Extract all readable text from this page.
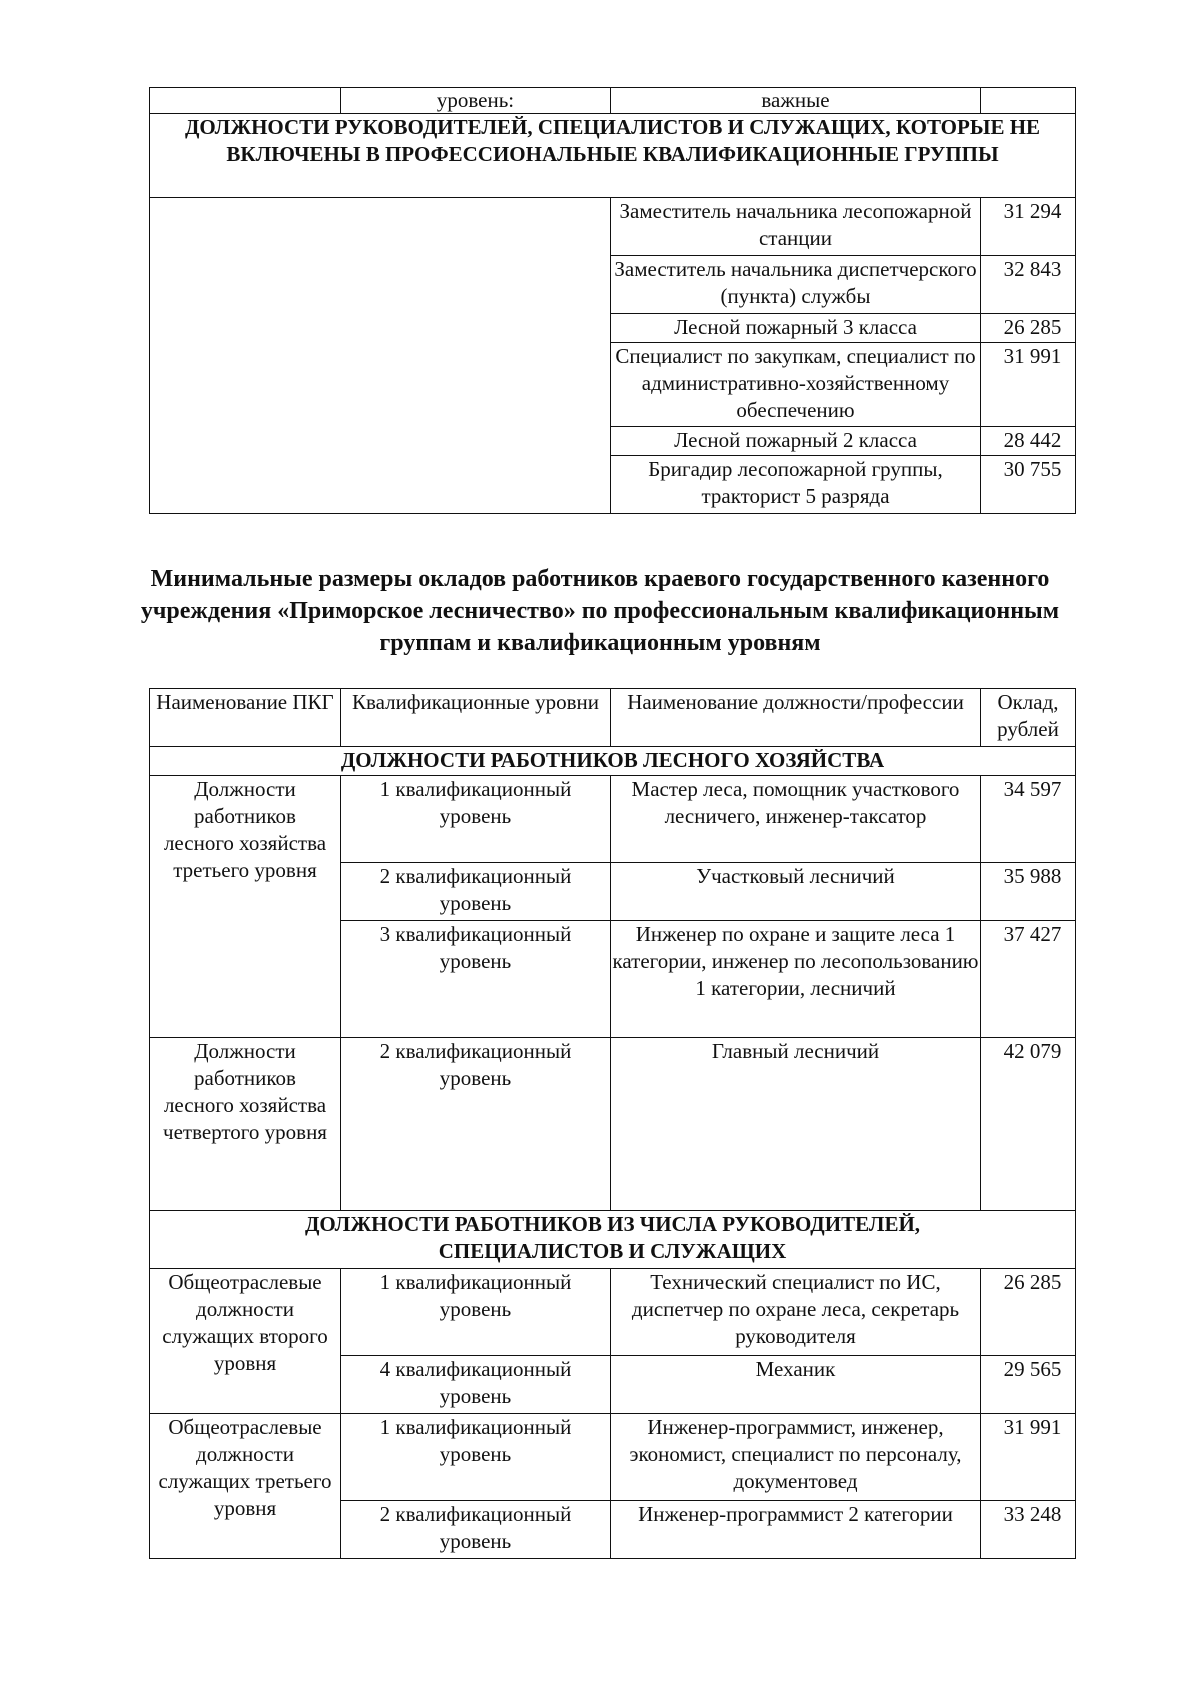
	уровень:	важные	
ДОЛЖНОСТИ РУКОВОДИТЕЛЕЙ, СПЕЦИАЛИСТОВ И СЛУЖАЩИХ, КОТОРЫЕ НЕ ВКЛЮЧЕНЫ В ПРОФЕССИОНАЛЬНЫЕ КВАЛИФИКАЦИОННЫЕ ГРУППЫ			
		Заместитель начальника лесопожарной станции	31 294
		Заместитель начальника диспетчерского (пункта) службы	32 843
		Лесной пожарный 3 класса	26 285
		Специалист по закупкам, специалист по административно-хозяйственному обеспечению	31 991
		Лесной пожарный 2 класса	28 442
		Бригадир лесопожарной группы, тракторист 5 разряда	30 755
Минимальные размеры окладов работников краевого государственного казенного учреждения «Приморское лесничество» по профессиональным квалификационным группам и квалификационным уровням
Наименование ПКГ	Квалификационные уровни	Наименование должности/профессии	Оклад, рублей
ДОЛЖНОСТИ РАБОТНИКОВ ЛЕСНОГО ХОЗЯЙСТВА			
Должности работников лесного хозяйства третьего уровня	1 квалификационный уровень	Мастер леса, помощник участкового лесничего, инженер-таксатор	34 597
	2 квалификационный уровень	Участковый лесничий	35 988
	3 квалификационный уровень	Инженер по охране и защите леса 1 категории, инженер по лесопользованию 1 категории, лесничий	37 427
Должности работников лесного хозяйства четвертого уровня	2 квалификационный уровень	Главный лесничий	42 079
ДОЛЖНОСТИ РАБОТНИКОВ ИЗ ЧИСЛА РУКОВОДИТЕЛЕЙ, СПЕЦИАЛИСТОВ И СЛУЖАЩИХ			
Общеотраслевые должности служащих второго уровня	1 квалификационный уровень	Технический специалист по ИС, диспетчер по охране леса, секретарь руководителя	26 285
	4 квалификационный уровень	Механик	29 565
Общеотраслевые должности служащих третьего уровня	1 квалификационный уровень	Инженер-программист, инженер, экономист, специалист по персоналу, документовед	31 991
	2 квалификационный уровень	Инженер-программист 2 категории	33 248
